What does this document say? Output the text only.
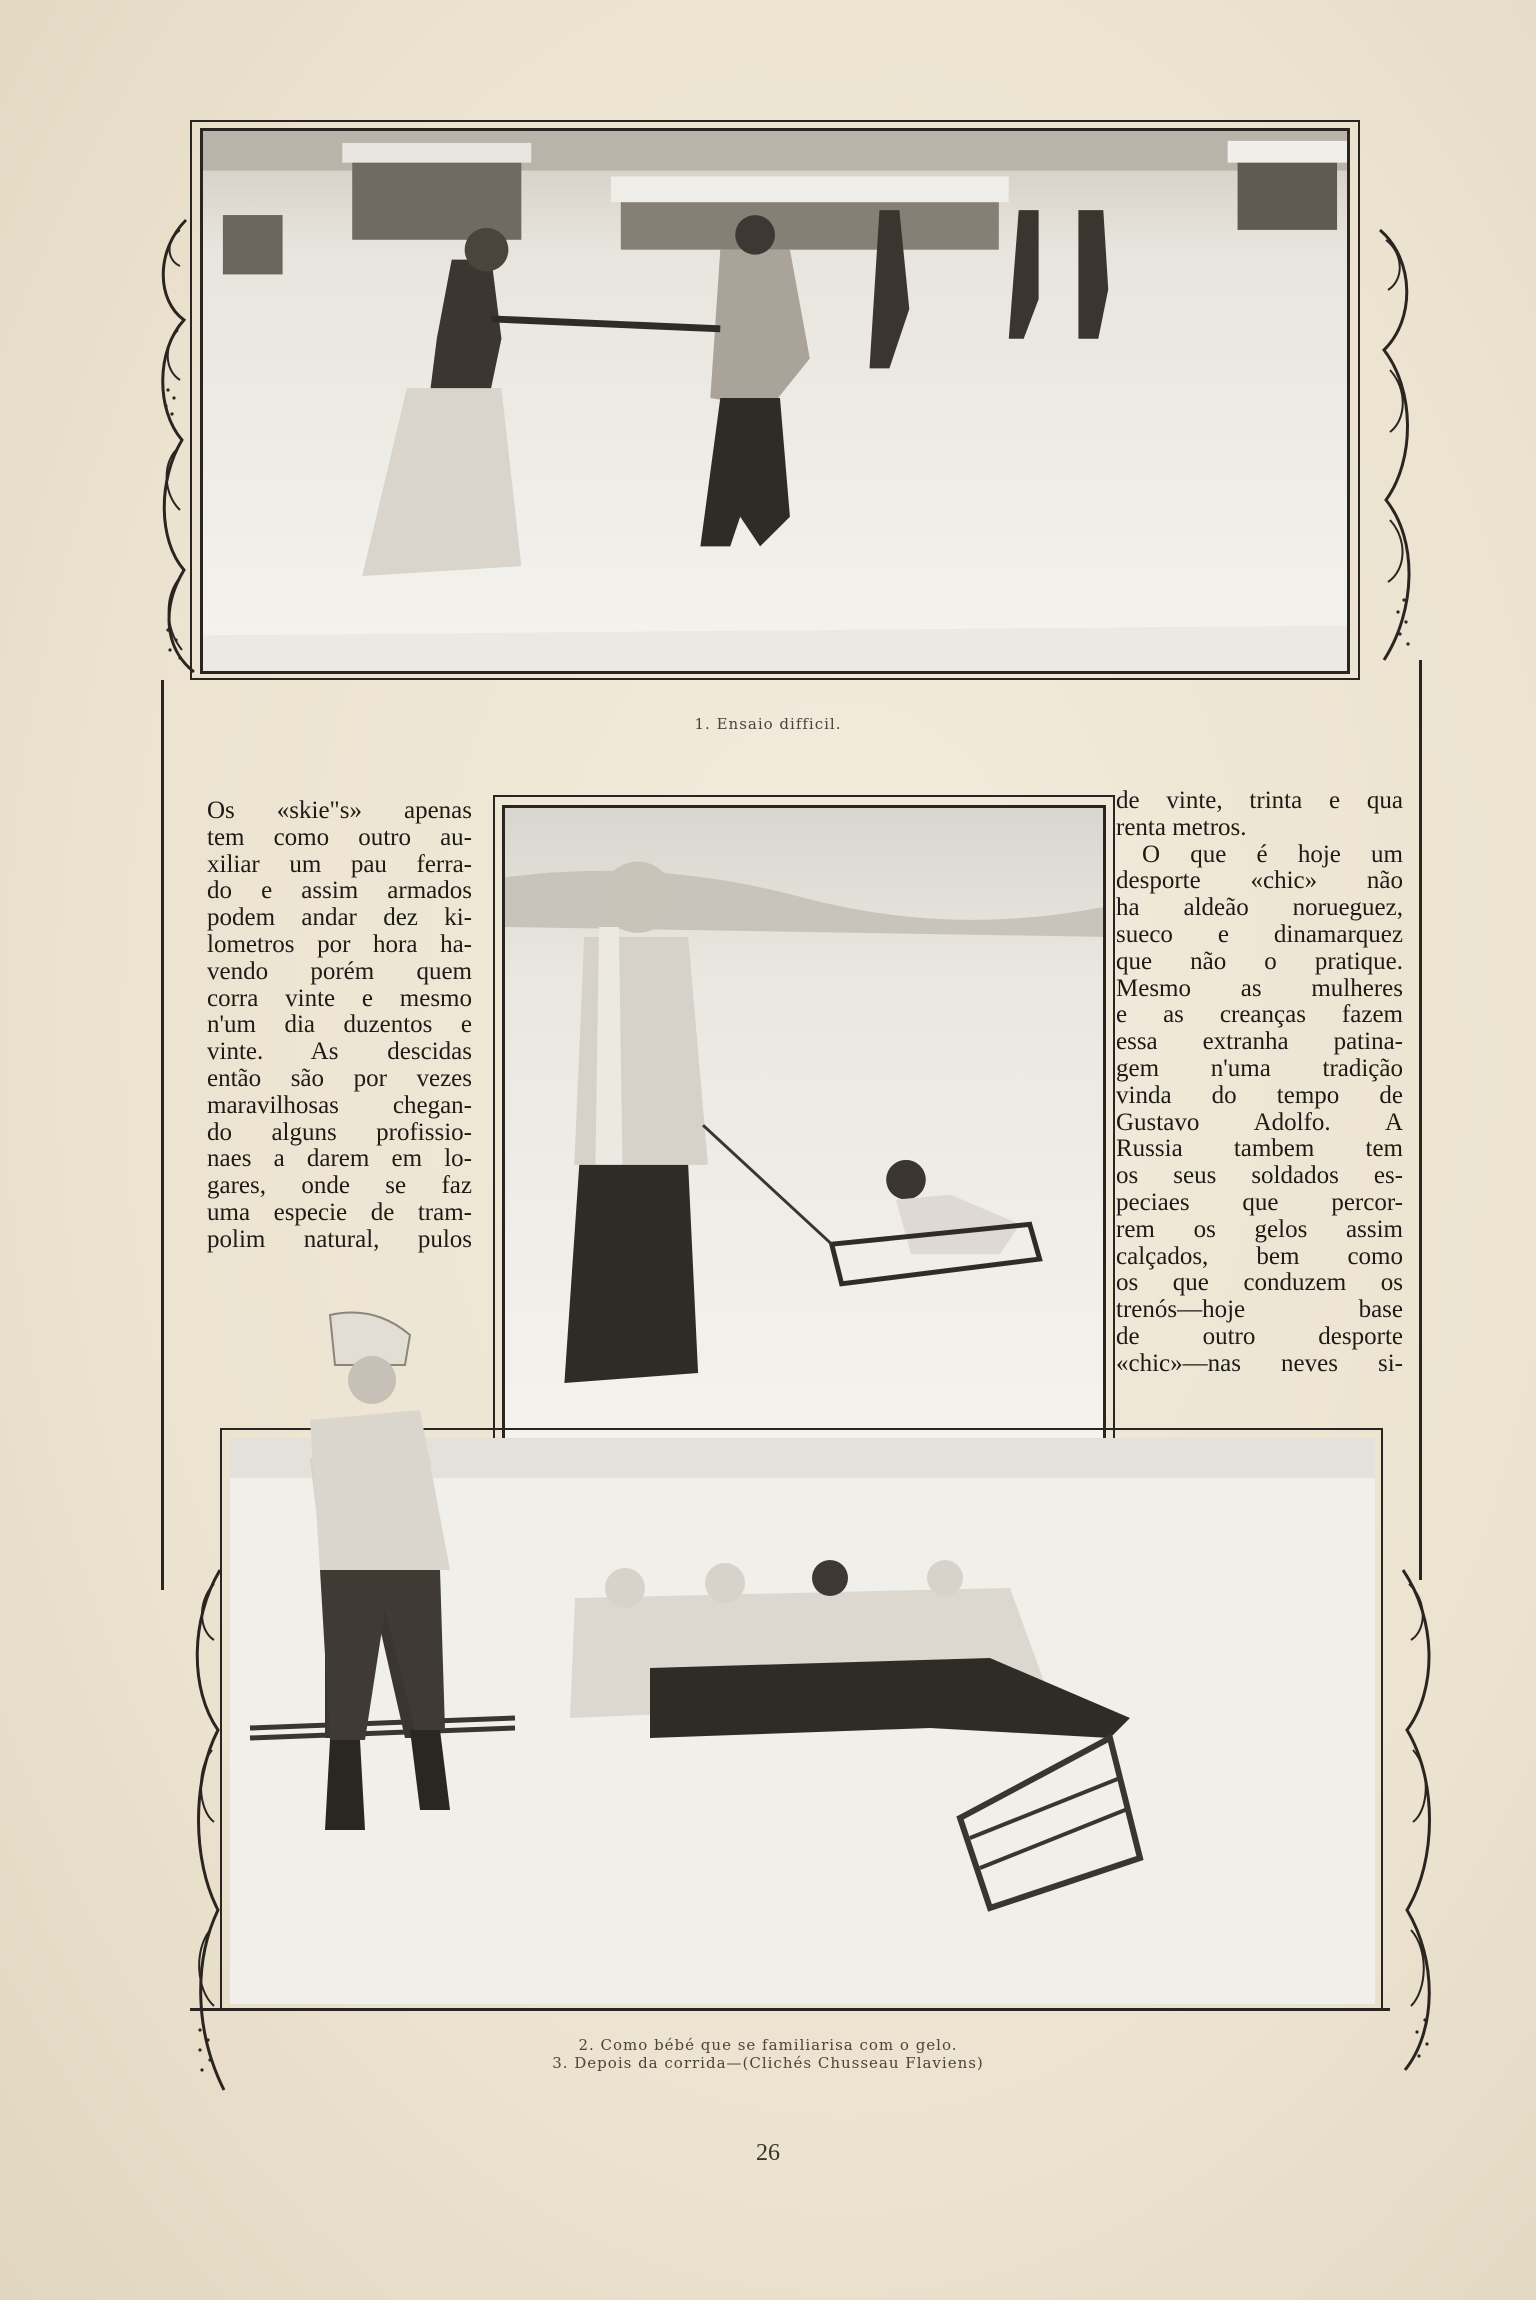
1. Ensaio difficil.
Os «skie"s» apenas
tem como outro au-
xiliar um pau ferra-
do e assim armados
podem andar dez ki-
lometros por hora ha-
vendo porém quem
corra vinte e mesmo
n'um dia duzentos e
vinte. As descidas
então são por vezes
maravilhosas chegan-
do alguns profissio-
naes a darem em lo-
gares, onde se faz
uma especie de tram-
polim natural, pulos
de vinte, trinta e qua
renta metros.
O que é hoje um
desporte «chic» não
ha aldeão norueguez,
sueco e dinamarquez
que não o pratique.
Mesmo as mulheres
e as creanças fazem
essa extranha patina-
gem n'uma tradição
vinda do tempo de
Gustavo Adolfo. A
Russia tambem tem
os seus soldados es-
peciaes que percor-
rem os gelos assim
calçados, bem como
os que conduzem os
trenós—hoje base
de outro desporte
«chic»—nas neves si-
2. Como bébé que se familiarisa com o gelo.
3. Depois da corrida—(Clichés Chusseau Flaviens)
26
